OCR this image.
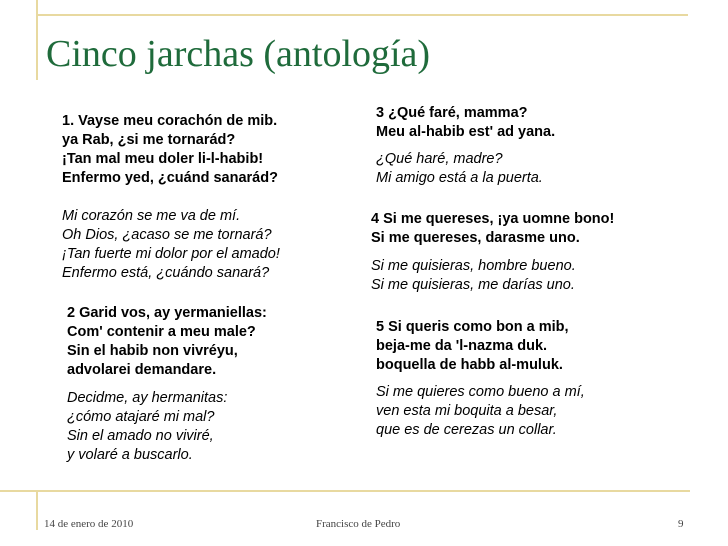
Cinco jarchas (antología)

1. Vayse meu corachón de mib.
ya Rab, ¿si me tornarád?
¡Tan mal meu doler li-l-habib!
Enfermo yed, ¿cuánd sanarád?

Mi corazón se me va de mí.
Oh Dios, ¿acaso se me tornará?
¡Tan fuerte mi dolor por el amado!
Enfermo está, ¿cuándo sanará?

2 Garid vos, ay yermaniellas:
Com' contenir a meu male?
Sin el habib non vivréyu,
advolarei demandare.

Decidme, ay hermanitas:
¿cómo atajaré mi mal?
Sin el amado no viviré,
y volaré a buscarlo.

3 ¿Qué faré, mamma?
Meu al-habib est' ad yana.

¿Qué haré, madre?
Mi amigo está a la puerta.

4 Si me quereses, ¡ya uomne bono!
Si me quereses, darasme uno.

Si me quisieras, hombre bueno.
Si me quisieras, me darías uno.

5 Si queris como bon a mib,
beja-me da 'l-nazma duk.
boquella de habb al-muluk.

Si me quieres como bueno a mí,
ven esta mi boquita a besar,
que es de cerezas un collar.

14 de enero de 2010	Francisco de Pedro	9
